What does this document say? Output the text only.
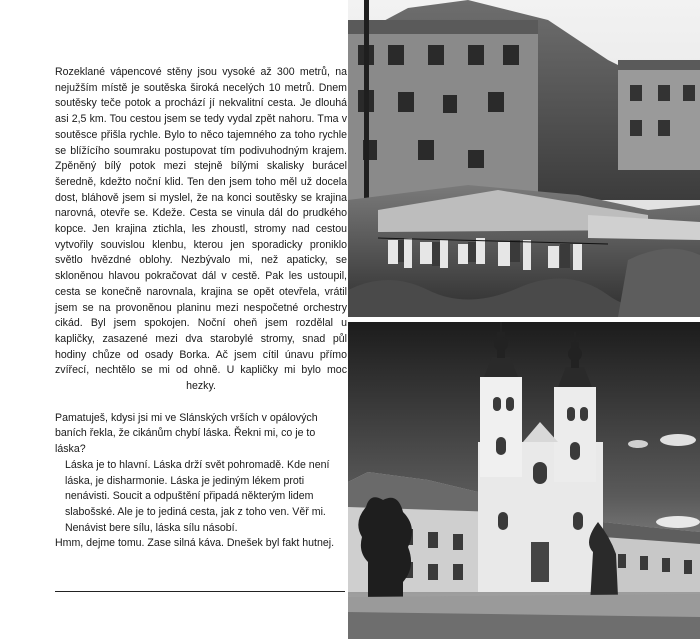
Rozeklané vápencové stěny jsou vysoké až 300 metrů, na nejužším místě je soutěska široká necelých 10 metrů. Dnem soutěsky teče potok a prochází jí nekvalitní cesta. Je dlouhá asi 2,5 km. Tou cestou jsem se tedy vydal zpět nahoru. Tma v soutěsce přišla rychle. Bylo to něco tajemného za toho rychle se blížícího soumraku postupovat tím podivuhodným krajem. Zpěněný bílý potok mezi stejně bílými skalisky burácel šeredně, kdežto noční klid. Ten den jsem toho měl už docela dost, bláhově jsem si myslel, že na konci soutěsky se krajina narovná, otevře se. Kdeže. Cesta se vinula dál do prudkého kopce. Jen krajina ztichla, les zhoustl, stromy nad cestou vytvořily souvislou klenbu, kterou jen sporadicky proniklo světlo hvězdné oblohy. Nezbývalo mi, než apaticky, se skloněnou hlavou pokračovat dál v cestě. Pak les ustoupil, cesta se konečně narovnala, krajina se opět otevřela, vrátil jsem se na provoněnou planinu mezi nespočetné orchestry cikád. Byl jsem spokojen. Noční oheň jsem rozdělal u kapličky, zasazené mezi dva starobylé stromy, snad půl hodiny chůze od osady Borka. Ač jsem cítil únavu přímo zvířecí, nechtělo se mi od ohně. U kapličky mi bylo moc hezky.

Pamatuješ, kdysi jsi mi ve Slánských vrších v opálových baních řekla, že cikánům chybí láska. Řekni mi, co je to láska?

Láska je to hlavní. Láska drží svět pohromadě. Kde není láska, je disharmonie. Láska je jediným lékem proti nenávisti. Soucit a odpuštění připadá některým lidem slabošské. Ale je to jediná cesta, jak z toho ven. Věř mi. Nenávist bere sílu, láska sílu násobí.

Hmm, dejme tomu. Zase silná káva. Dnešek byl fakt hutnej.
